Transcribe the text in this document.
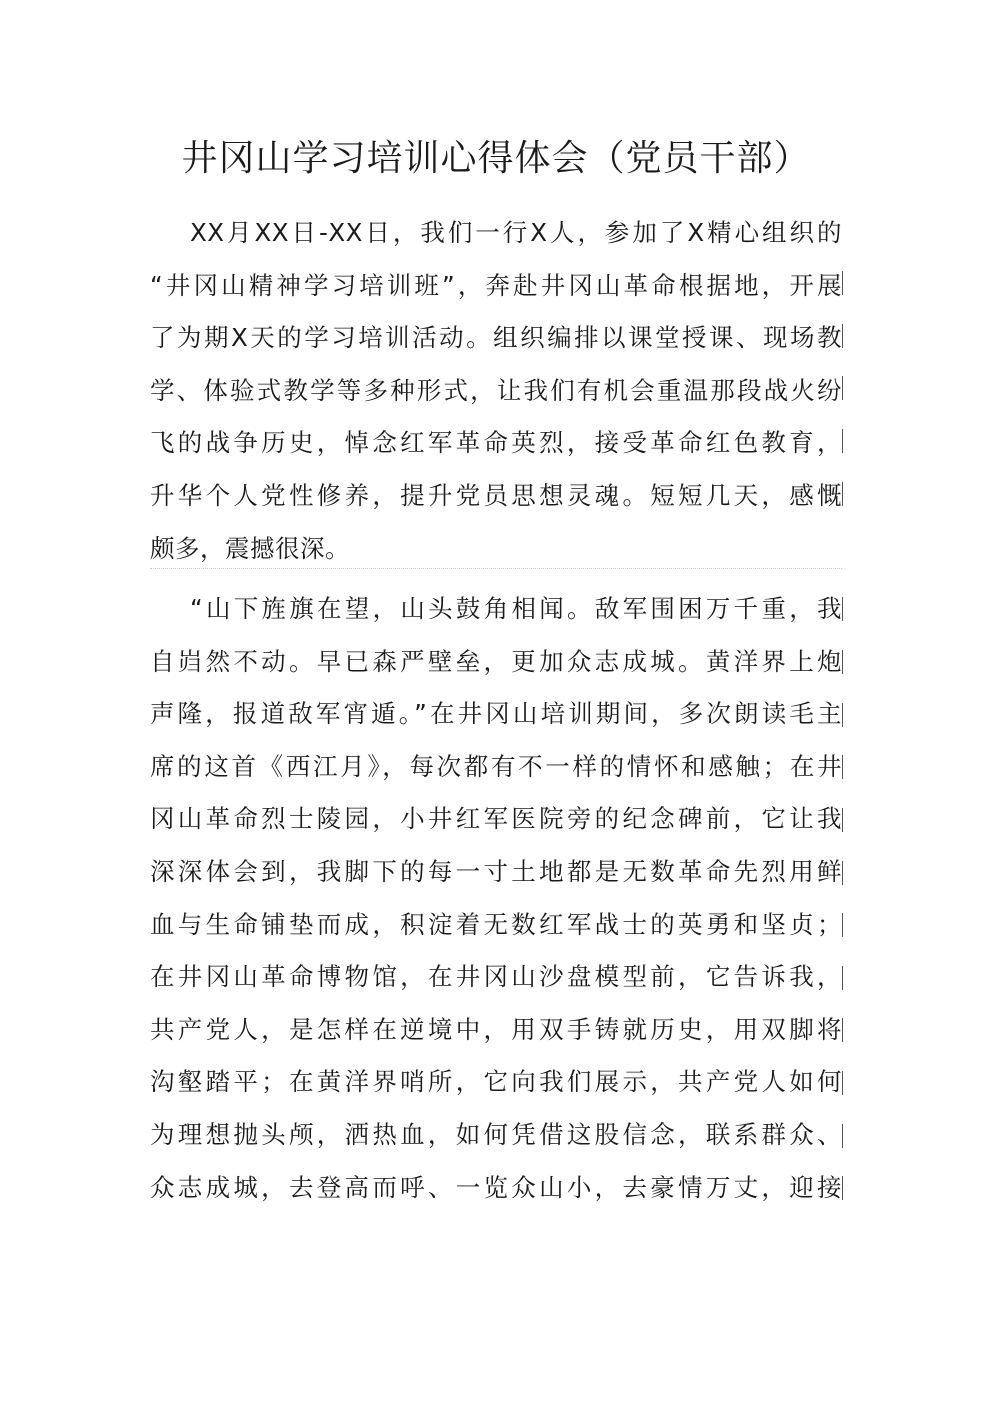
井冈山学习培训心得体会（党员干部）
XX月XX日-XX日，我们一行X人，参加了X精心组织的
“井冈山精神学习培训班”，奔赴井冈山革命根据地，开展
了为期X天的学习培训活动。组织编排以课堂授课、现场教
学、体验式教学等多种形式，让我们有机会重温那段战火纷
飞的战争历史，悼念红军革命英烈，接受革命红色教育，
升华个人党性修养，提升党员思想灵魂。短短几天，感慨
颇多，震撼很深。
“山下旌旗在望，山头鼓角相闻。敌军围困万千重，我
自岿然不动。早已森严壁垒，更加众志成城。黄洋界上炮
声隆，报道敌军宵遁。”在井冈山培训期间，多次朗读毛主
席的这首《西江月》，每次都有不一样的情怀和感触；在井
冈山革命烈士陵园，小井红军医院旁的纪念碑前，它让我
深深体会到，我脚下的每一寸土地都是无数革命先烈用鲜
血与生命铺垫而成，积淀着无数红军战士的英勇和坚贞；
在井冈山革命博物馆，在井冈山沙盘模型前，它告诉我，
共产党人，是怎样在逆境中，用双手铸就历史，用双脚将
沟壑踏平；在黄洋界哨所，它向我们展示，共产党人如何
为理想抛头颅，洒热血，如何凭借这股信念，联系群众、
众志成城，去登高而呼、一览众山小，去豪情万丈，迎接
